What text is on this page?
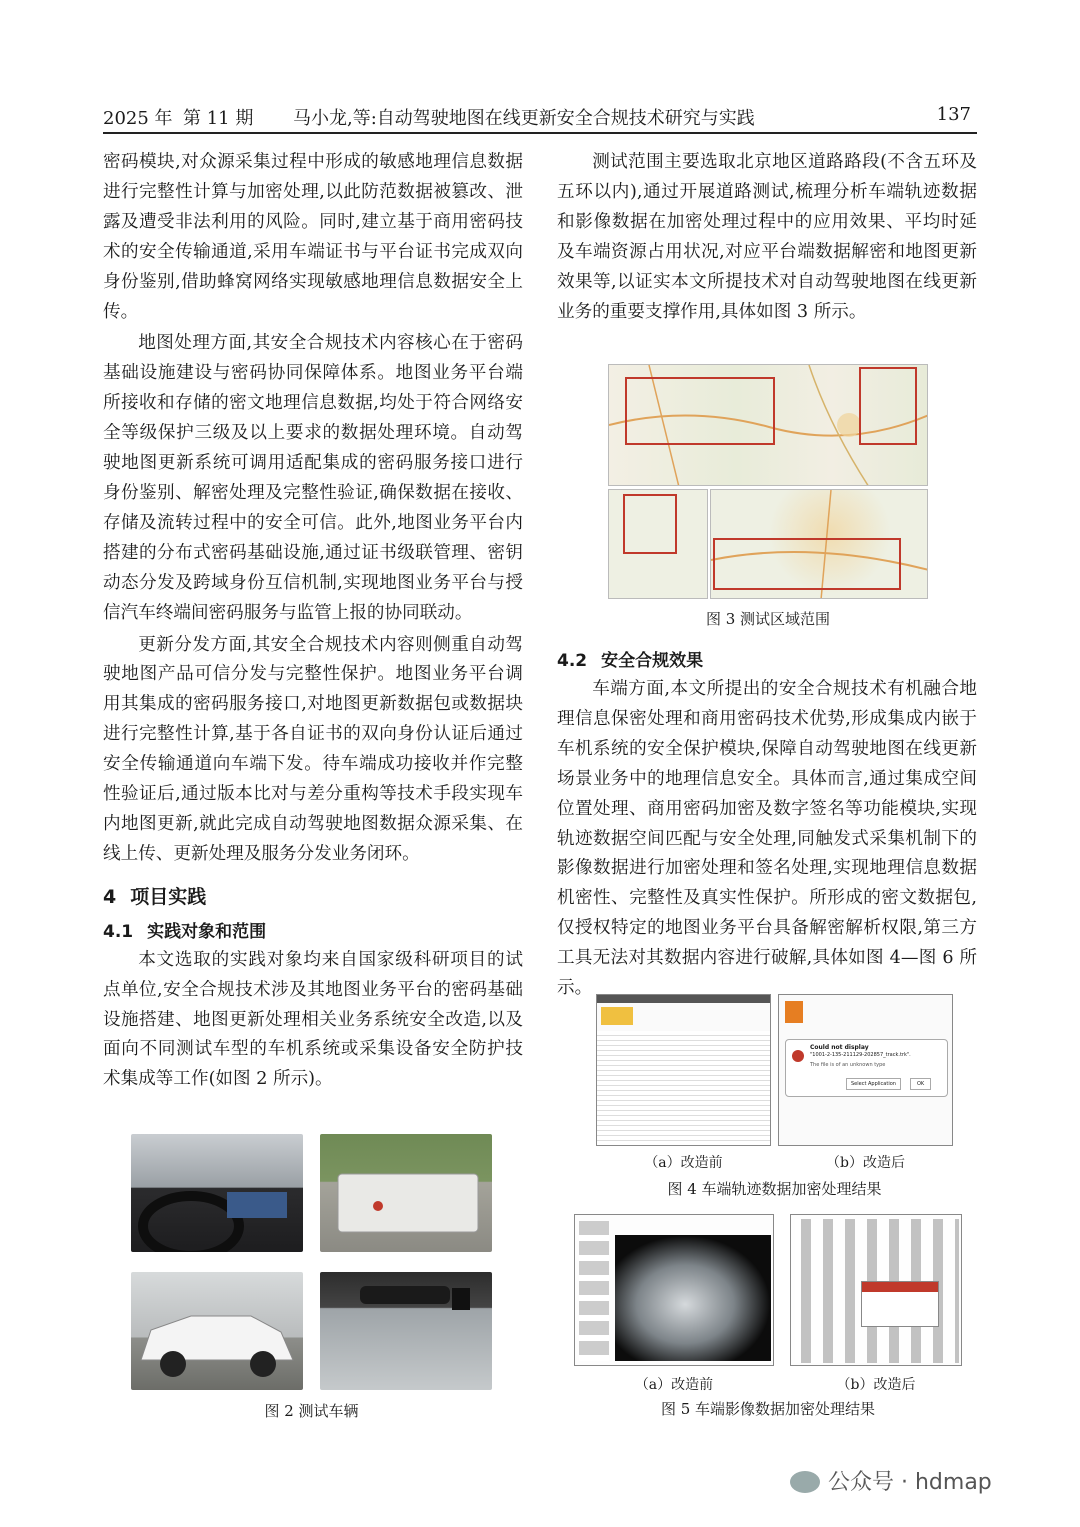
2025 年 第 11 期 马小龙,等:自动驾驶地图在线更新安全合规技术研究与实践	137

密码模块,对众源采集过程中形成的敏感地理信息数据进行完整性计算与加密处理,以此防范数据被篡改、泄露及遭受非法利用的风险。同时,建立基于商用密码技术的安全传输通道,采用车端证书与平台证书完成双向身份鉴别,借助蜂窝网络实现敏感地理信息数据安全上传。

地图处理方面,其安全合规技术内容核心在于密码基础设施建设与密码协同保障体系。地图业务平台端所接收和存储的密文地理信息数据,均处于符合网络安全等级保护三级及以上要求的数据处理环境。自动驾驶地图更新系统可调用适配集成的密码服务接口进行身份鉴别、解密处理及完整性验证,确保数据在接收、存储及流转过程中的安全可信。此外,地图业务平台内搭建的分布式密码基础设施,通过证书级联管理、密钥动态分发及跨域身份互信机制,实现地图业务平台与授信汽车终端间密码服务与监管上报的协同联动。

更新分发方面,其安全合规技术内容则侧重自动驾驶地图产品可信分发与完整性保护。地图业务平台调用其集成的密码服务接口,对地图更新数据包或数据块进行完整性计算,基于各自证书的双向身份认证后通过安全传输通道向车端下发。待车端成功接收并作完整性验证后,通过版本比对与差分重构等技术手段实现车内地图更新,就此完成自动驾驶地图数据众源采集、在线上传、更新处理及服务分发业务闭环。

4 项目实践
4.1 实践对象和范围

本文选取的实践对象均来自国家级科研项目的试点单位,安全合规技术涉及其地图业务平台的密码基础设施搭建、地图更新处理相关业务系统安全改造,以及面向不同测试车型的车机系统或采集设备安全防护技术集成等工作(如图 2 所示)。

图 2 测试车辆

测试范围主要选取北京地区道路路段(不含五环及五环以内),通过开展道路测试,梳理分析车端轨迹数据和影像数据在加密处理过程中的应用效果、平均时延及车端资源占用状况,对应平台端数据解密和地图更新效果等,以证实本文所提技术对自动驾驶地图在线更新业务的重要支撑作用,具体如图 3 所示。

图 3 测试区域范围
4.2 安全合规效果

车端方面,本文所提出的安全合规技术有机融合地理信息保密处理和商用密码技术优势,形成集成内嵌于车机系统的安全保护模块,保障自动驾驶地图在线更新场景业务中的地理信息安全。具体而言,通过集成空间位置处理、商用密码加密及数字签名等功能模块,实现轨迹数据空间匹配与安全处理,同触发式采集机制下的影像数据进行加密处理和签名处理,实现地理信息数据机密性、完整性及真实性保护。所形成的密文数据包,仅授权特定的地图业务平台具备解密解析权限,第三方工具无法对其数据内容进行破解,具体如图 4—图 6 所示。

Could not display
"1001-2-135-211129-202857_track.trk".
The file is of an unknown type
Select Application	OK
（a）改造前	（b）改造后
图 4 车端轨迹数据加密处理结果
（a）改造前	（b）改造后
图 5 车端影像数据加密处理结果
公众号 · hdmap
